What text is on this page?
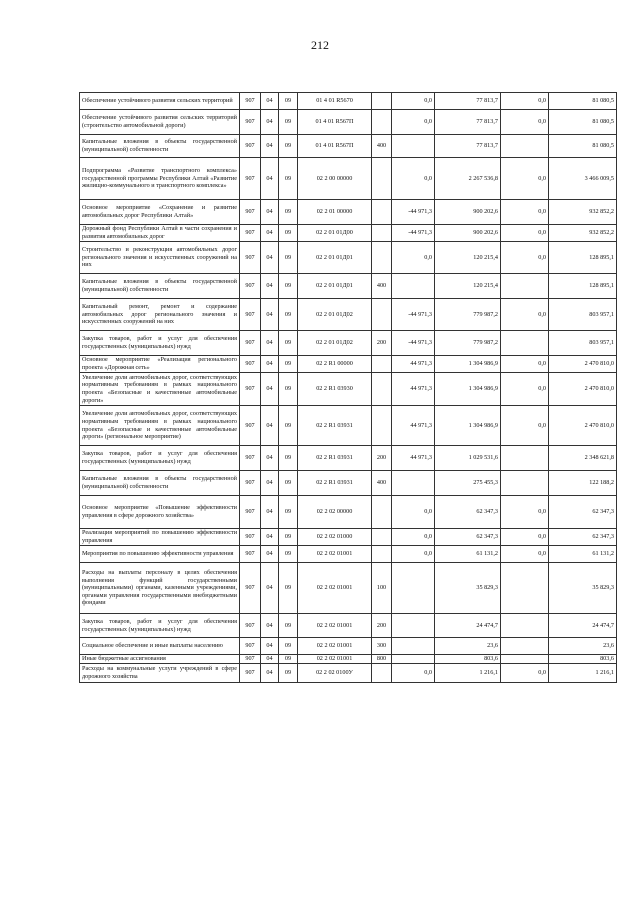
212
Обеспечение устойчивого развития сельских территорий	907	04	09	01 4 01 R5670		0,0	77 813,7	0,0	81 080,5
Обеспечение устойчивого развития сельских территорий (строительство автомобильной дороги)	907	04	09	01 4 01 R567П		0,0	77 813,7	0,0	81 080,5
Капитальные вложения в объекты государственной (муниципальной) собственности	907	04	09	01 4 01 R567П	400		77 813,7		81 080,5
Подпрограмма «Развитие транспортного комплекса» государственной программы Республики Алтай «Развитие жилищно-коммунального и транспортного комплекса»	907	04	09	02 2 00 00000		0,0	2 267 536,8	0,0	3 466 009,5
Основное мероприятие «Сохранение и развитие автомобильных дорог Республики Алтай»	907	04	09	02 2 01 00000		-44 971,3	900 202,6	0,0	932 852,2
Дорожный фонд Республики Алтай в части сохранения и развития автомобильных дорог	907	04	09	02 2 01 01Д00		-44 971,3	900 202,6	0,0	932 852,2
Строительство и реконструкция автомобильных дорог регионального значения и искусственных сооружений на них	907	04	09	02 2 01 01Д01		0,0	120 215,4	0,0	128 895,1
Капитальные вложения в объекты государственной (муниципальной) собственности	907	04	09	02 2 01 01Д01	400		120 215,4		128 895,1
Капитальный ремонт, ремонт и содержание автомобильных дорог регионального значения и искусственных сооружений на них	907	04	09	02 2 01 01Д02		-44 971,3	779 987,2	0,0	803 957,1
Закупка товаров, работ и услуг для обеспечения государственных (муниципальных) нужд	907	04	09	02 2 01 01Д02	200	-44 971,3	779 987,2		803 957,1
Основное мероприятие «Реализация регионального проекта «Дорожная сеть»	907	04	09	02 2 R1 00000		44 971,3	1 304 986,9	0,0	2 470 810,0
Увеличение доли автомобильных дорог, соответствующих нормативным требованиям в рамках национального проекта «Безопасные и качественные автомобильные дороги»	907	04	09	02 2 R1 03930		44 971,3	1 304 986,9	0,0	2 470 810,0
Увеличение доли автомобильных дорог, соответствующих нормативным требованиям в рамках национального проекта «Безопасные и качественные автомобильные дороги» (региональное мероприятие)	907	04	09	02 2 R1 03931		44 971,3	1 304 986,9	0,0	2 470 810,0
Закупка товаров, работ и услуг для обеспечения государственных (муниципальных) нужд	907	04	09	02 2 R1 03931	200	44 971,3	1 029 531,6		2 348 621,8
Капитальные вложения в объекты государственной (муниципальной) собственности	907	04	09	02 2 R1 03931	400		275 455,3		122 188,2
Основное мероприятие «Повышение эффективности управления в сфере дорожного хозяйства»	907	04	09	02 2 02 00000		0,0	62 347,3	0,0	62 347,3
Реализация мероприятий по повышению эффективности управления	907	04	09	02 2 02 01000		0,0	62 347,3	0,0	62 347,3
Мероприятия по повышению эффективности управления	907	04	09	02 2 02 01001		0,0	61 131,2	0,0	61 131,2
Расходы на выплаты персоналу в целях обеспечения выполнения функций государственными (муниципальными) органами, казенными учреждениями, органами управления государственными внебюджетными фондами	907	04	09	02 2 02 01001	100		35 829,3		35 829,3
Закупка товаров, работ и услуг для обеспечения государственных (муниципальных) нужд	907	04	09	02 2 02 01001	200		24 474,7		24 474,7
Социальное обеспечение и иные выплаты населению	907	04	09	02 2 02 01001	300		23,6		23,6
Иные бюджетные ассигнования	907	04	09	02 2 02 01001	800		803,6		803,6
Расходы на коммунальные услуги учреждений в сфере дорожного хозяйства	907	04	09	02 2 02 0100У		0,0	1 216,1	0,0	1 216,1
